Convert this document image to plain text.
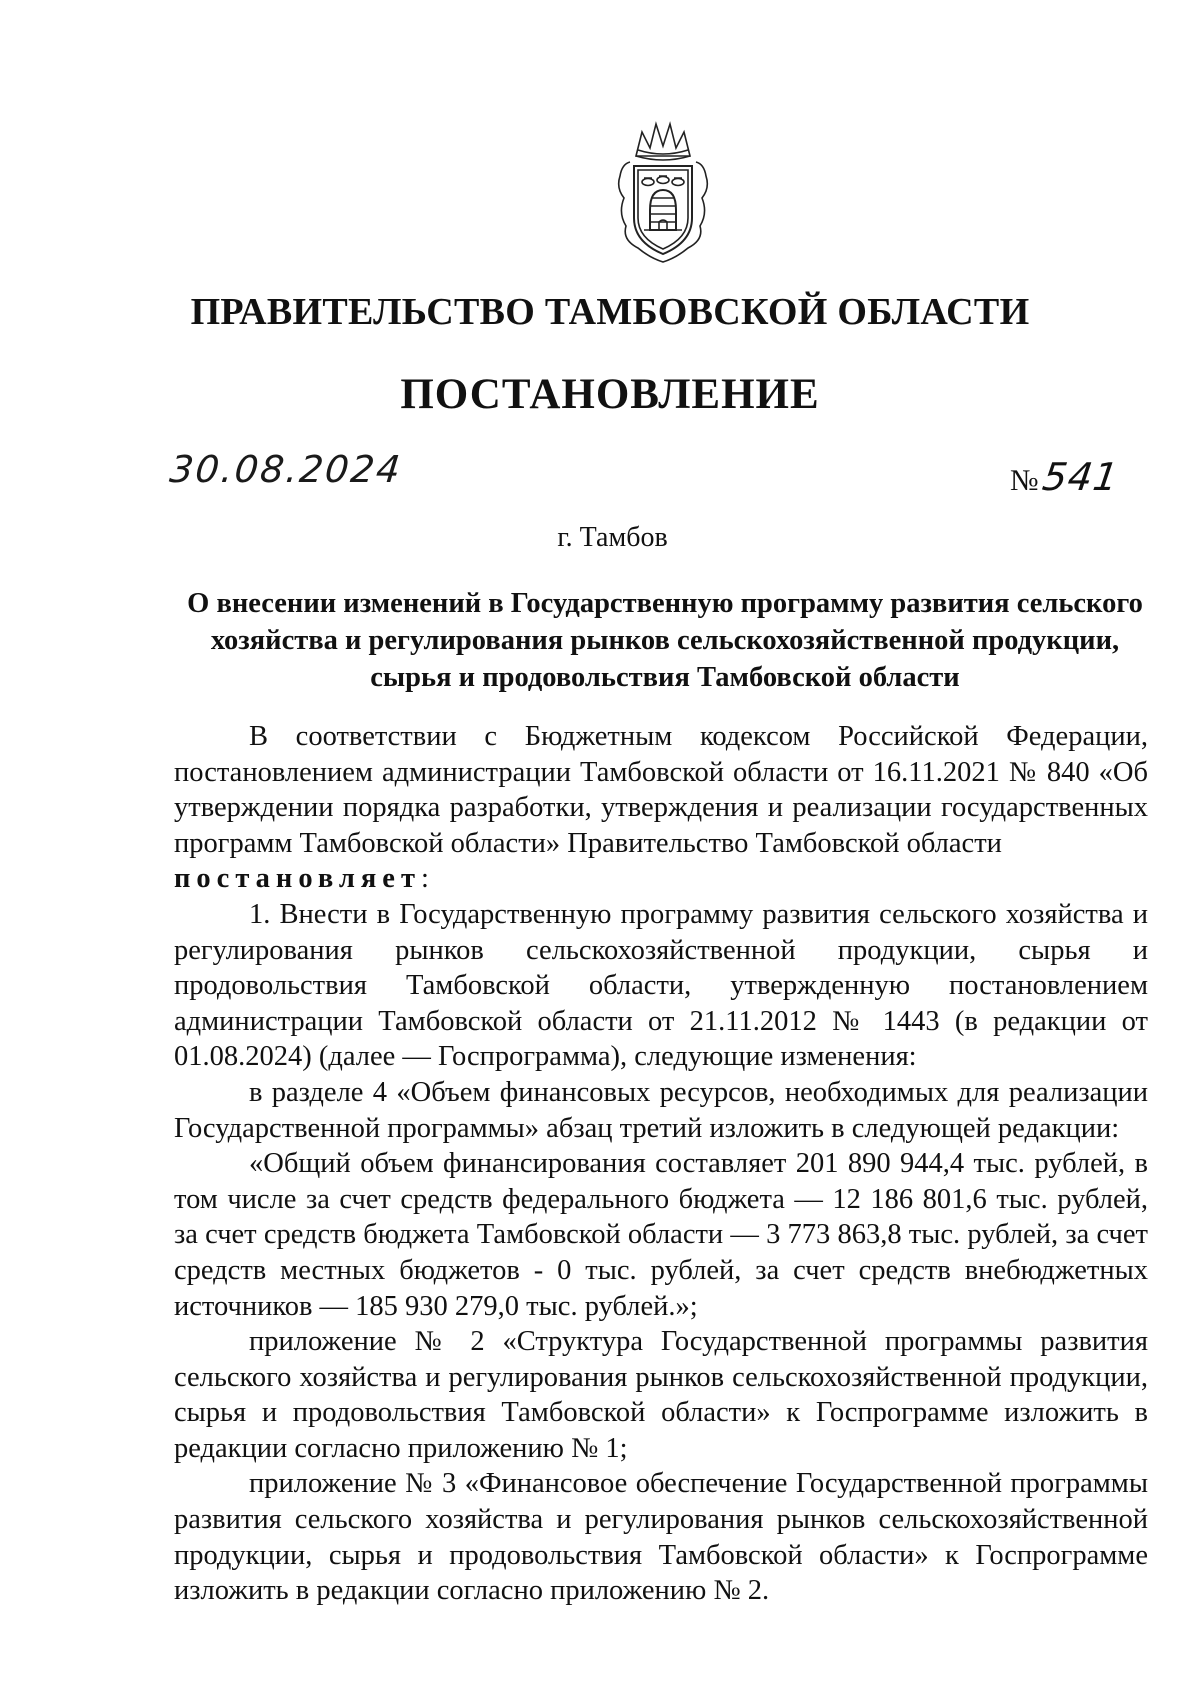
ПРАВИТЕЛЬСТВО ТАМБОВСКОЙ ОБЛАСТИ
ПОСТАНОВЛЕНИЕ
30.08.2024	№541
г. Тамбов
О внесении изменений в Государственную программу развития сельского хозяйства и регулирования рынков сельскохозяйственной продукции, сырья и продовольствия Тамбовской области

В соответствии с Бюджетным кодексом Российской Федерации, постановлением администрации Тамбовской области от 16.11.2021 № 840 «Об утверждении порядка разработки, утверждения и реализации государственных программ Тамбовской области» Правительство Тамбовской области

постановляет:

1. Внести в Государственную программу развития сельского хозяйства и регулирования рынков сельскохозяйственной продукции, сырья и продовольствия Тамбовской области, утвержденную постановлением администрации Тамбовской области от 21.11.2012 № 1443 (в редакции от 01.08.2024) (далее — Госпрограмма), следующие изменения:

в разделе 4 «Объем финансовых ресурсов, необходимых для реализации Государственной программы» абзац третий изложить в следующей редакции:

«Общий объем финансирования составляет 201 890 944,4 тыс. рублей, в том числе за счет средств федерального бюджета — 12 186 801,6 тыс. рублей, за счет средств бюджета Тамбовской области — 3 773 863,8 тыс. рублей, за счет средств местных бюджетов - 0 тыс. рублей, за счет средств внебюджетных источников — 185 930 279,0 тыс. рублей.»;

приложение № 2 «Структура Государственной программы развития сельского хозяйства и регулирования рынков сельскохозяйственной продукции, сырья и продовольствия Тамбовской области» к Госпрограмме изложить в редакции согласно приложению № 1;

приложение № 3 «Финансовое обеспечение Государственной программы развития сельского хозяйства и регулирования рынков сельскохозяйственной продукции, сырья и продовольствия Тамбовской области» к Госпрограмме изложить в редакции согласно приложению № 2.
